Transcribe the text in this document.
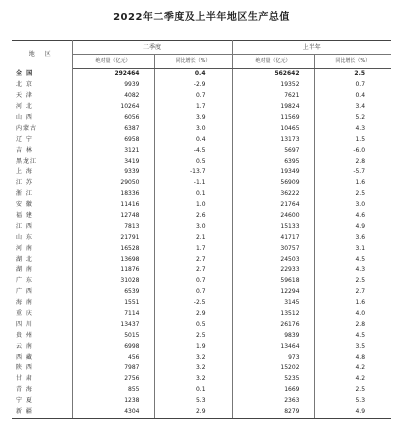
2022年二季度及上半年地区生产总值
地 区	二季度		上半年	
	绝对量（亿元）	同比增长（%）	绝对量（亿元）	同比增长（%）
全 国	292464	0.4	562642	2.5
北 京	9939	-2.9	19352	0.7
天 津	4082	0.7	7621	0.4
河 北	10264	1.7	19824	3.4
山 西	6056	3.9	11569	5.2
内蒙古	6387	3.0	10465	4.3
辽 宁	6958	0.4	13173	1.5
吉 林	3121	-4.5	5697	-6.0
黑龙江	3419	0.5	6395	2.8
上 海	9339	-13.7	19349	-5.7
江 苏	29050	-1.1	56909	1.6
浙 江	18336	0.1	36222	2.5
安 徽	11416	1.0	21764	3.0
福 建	12748	2.6	24600	4.6
江 西	7813	3.0	15133	4.9
山 东	21791	2.1	41717	3.6
河 南	16528	1.7	30757	3.1
湖 北	13698	2.7	24503	4.5
湖 南	11876	2.7	22933	4.3
广 东	31028	0.7	59618	2.5
广 西	6539	0.7	12294	2.7
海 南	1551	-2.5	3145	1.6
重 庆	7114	2.9	13512	4.0
四 川	13437	0.5	26176	2.8
贵 州	5015	2.5	9839	4.5
云 南	6998	1.9	13464	3.5
西 藏	456	3.2	973	4.8
陕 西	7987	3.2	15202	4.2
甘 肃	2756	3.2	5235	4.2
青 海	855	0.1	1669	2.5
宁 夏	1238	5.3	2363	5.3
新 疆	4304	2.9	8279	4.9
